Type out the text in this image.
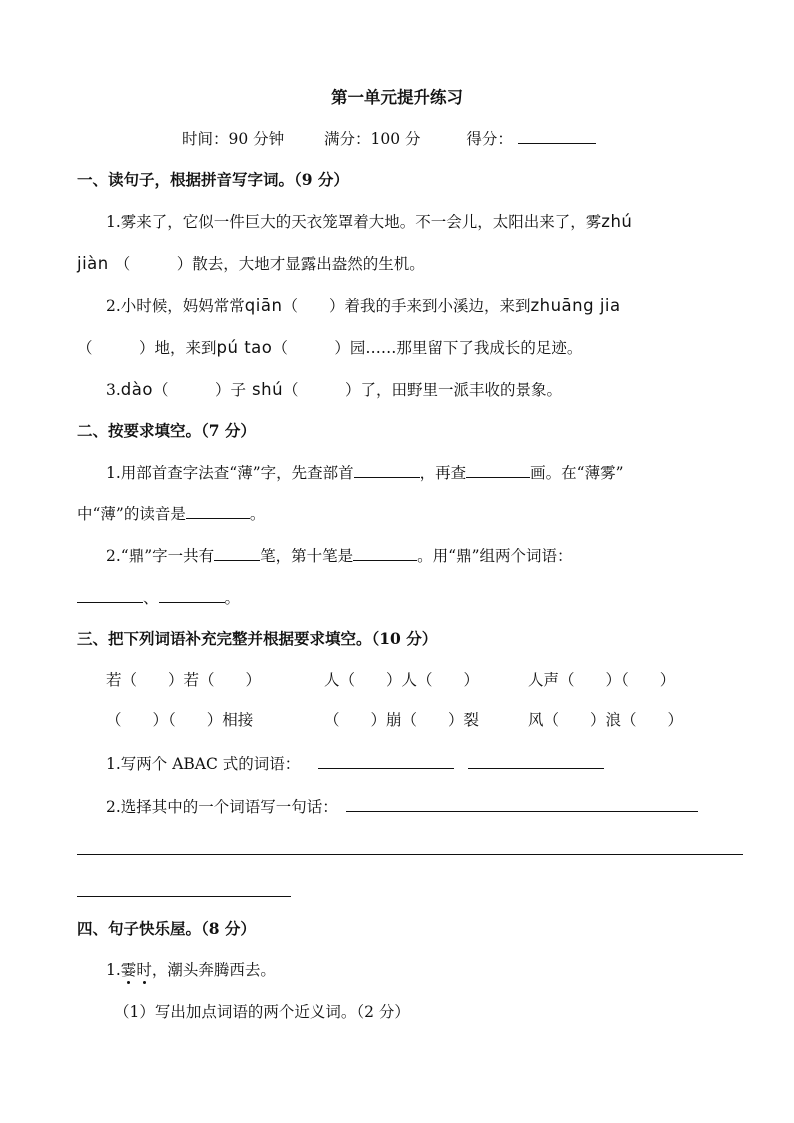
第一单元提升练习
时间：90 分钟	满分：100 分	得分：
一、读句子，根据拼音写字词。（9 分）
1.雾来了，它似一件巨大的天衣笼罩着大地。不一会儿，太阳出来了，雾zhú
jiàn （　　　）散去，大地才显露出盎然的生机。
2.小时候，妈妈常常qiān（　　）着我的手来到小溪边，来到zhuāng jia
（　　　）地，来到pú tao（　　　）园……那里留下了我成长的足迹。
3.dào（　　　）子 shú（　　　）了，田野里一派丰收的景象。
二、按要求填空。（7 分）
1.用部首查字法查“薄”字，先查部首	，再查	画。在“薄雾”
中“薄”的读音是	。
2.“鼎”字一共有	笔，第十笔是	。用“鼎”组两个词语：
、	。
三、把下列词语补充完整并根据要求填空。（10 分）
若（　　）若（　　）	人（　　）人（　　）	人声（　　）（　　）
（　　）（　　）相接	（　　）崩（　　）裂	风（　　）浪（　　）
1.写两个 ABAC 式的词语：
2.选择其中的一个词语写一句话：
四、句子快乐屋。（8 分）
1.霎时，潮头奔腾西去。
（1）写出加点词语的两个近义词。（2 分）
